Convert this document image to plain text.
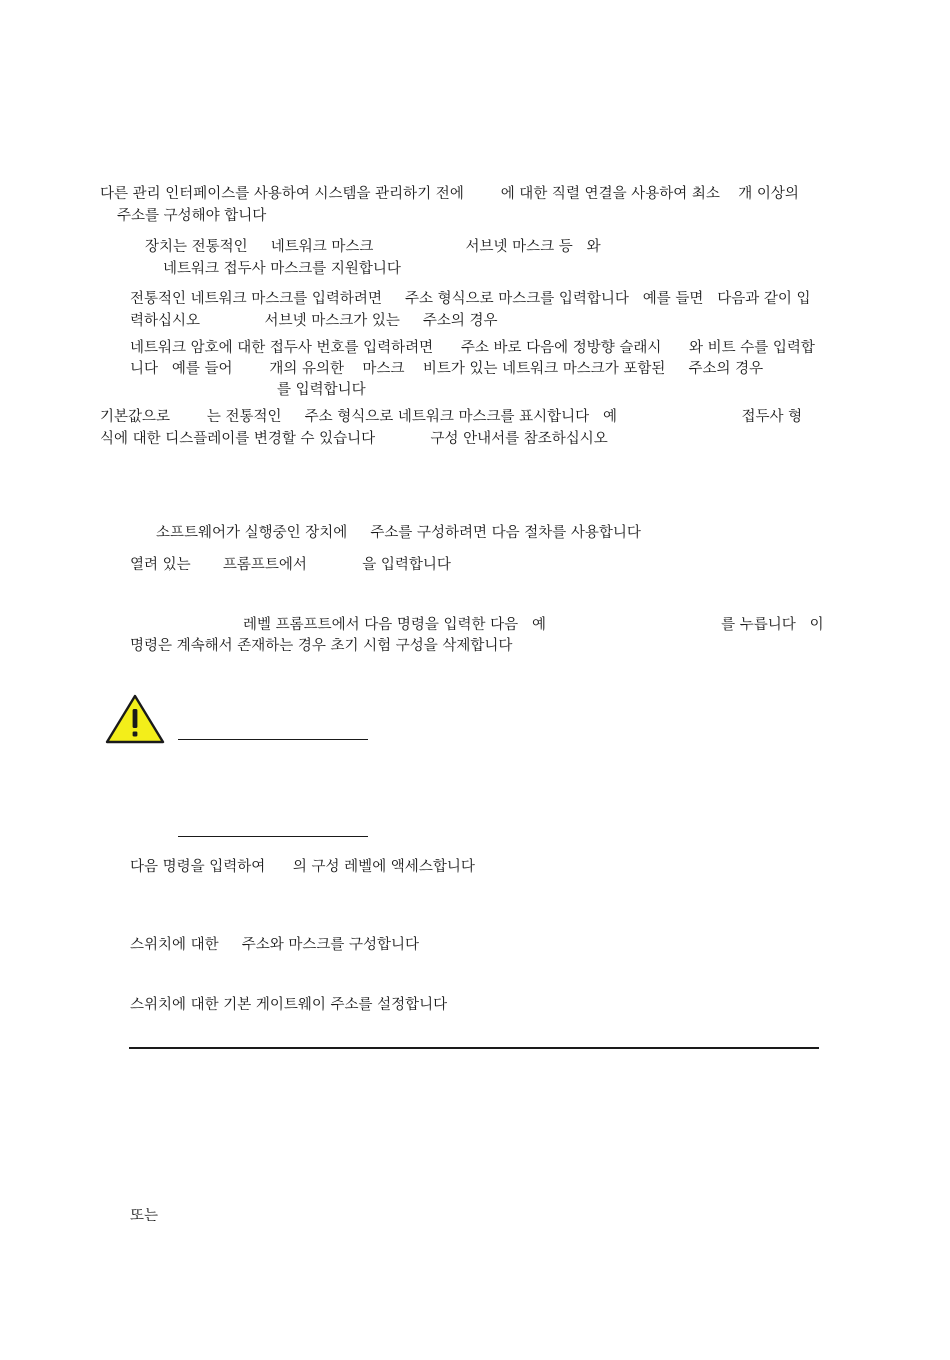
다른 관리 인터페이스를 사용하여 시스템을 관리하기 전에        에 대한 직렬 연결을 사용하여 최소    개 이상의

주소를 구성해야 합니다

장치는 전통적인     네트워크 마스크                    서브넷 마스크 등   와

네트워크 접두사 마스크를 지원합니다

전통적인 네트워크 마스크를 입력하려면     주소 형식으로 마스크를 입력합니다   예를 들면   다음과 같이 입

력하십시오              서브넷 마스크가 있는     주소의 경우

네트워크 암호에 대한 접두사 번호를 입력하려면      주소 바로 다음에 정방향 슬래시      와 비트 수를 입력합

니다   예를 들어        개의 유의한    마스크    비트가 있는 네트워크 마스크가 포함된     주소의 경우

를 입력합니다

기본값으로        는 전통적인     주소 형식으로 네트워크 마스크를 표시합니다   예                           접두사 형

식에 대한 디스플레이를 변경할 수 있습니다            구성 안내서를 참조하십시오

소프트웨어가 실행중인 장치에     주소를 구성하려면 다음 절차를 사용합니다

열려 있는       프롬프트에서            을 입력합니다

레벨 프롬프트에서 다음 명령을 입력한 다음   예                                      를 누릅니다   이

명령은 계속해서 존재하는 경우 초기 시험 구성을 삭제합니다

다음 명령을 입력하여      의 구성 레벨에 액세스합니다

스위치에 대한     주소와 마스크를 구성합니다

스위치에 대한 기본 게이트웨이 주소를 설정합니다

또는
